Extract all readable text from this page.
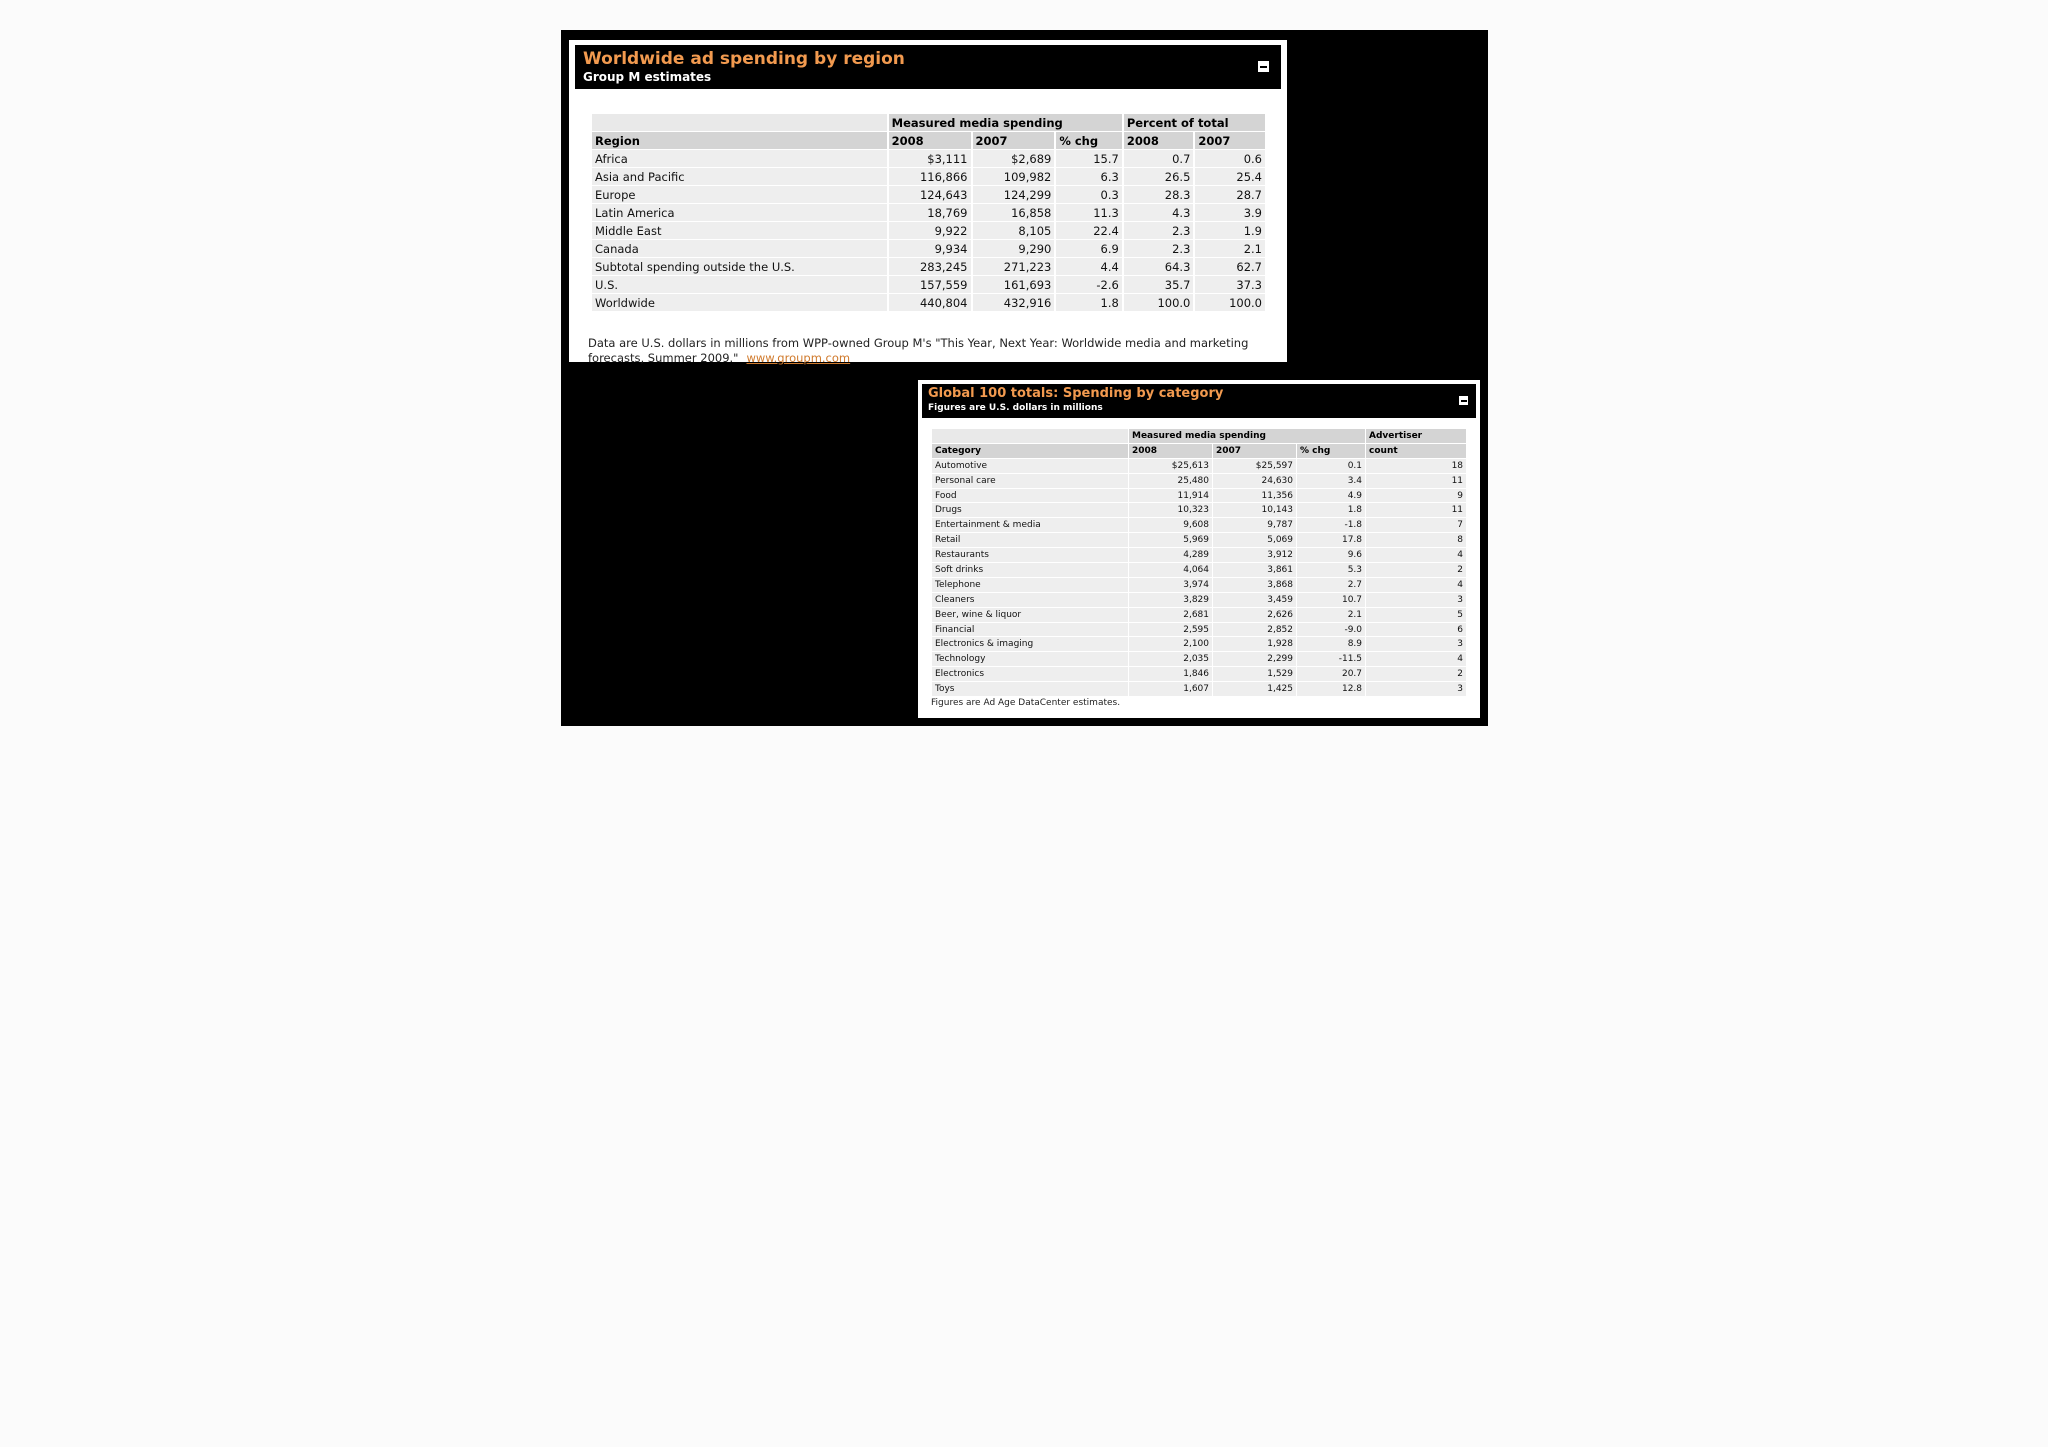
Worldwide ad spending by region
Group M estimates
	Measured media spending			Percent of total	
Region	2008	2007	% chg	2008	2007
Africa	$3,111	$2,689	15.7	0.7	0.6
Asia and Pacific	116,866	109,982	6.3	26.5	25.4
Europe	124,643	124,299	0.3	28.3	28.7
Latin America	18,769	16,858	11.3	4.3	3.9
Middle East	9,922	8,105	22.4	2.3	1.9
Canada	9,934	9,290	6.9	2.3	2.1
Subtotal spending outside the U.S.	283,245	271,223	4.4	64.3	62.7
U.S.	157,559	161,693	-2.6	35.7	37.3
Worldwide	440,804	432,916	1.8	100.0	100.0
Data are U.S. dollars in millions from WPP-owned Group M's "This Year, Next Year: Worldwide media and marketing forecasts, Summer 2009." www.groupm.com
Global 100 totals: Spending by category
Figures are U.S. dollars in millions
	Measured media spending			Advertiser
Category	2008	2007	% chg	count
Automotive	$25,613	$25,597	0.1	18
Personal care	25,480	24,630	3.4	11
Food	11,914	11,356	4.9	9
Drugs	10,323	10,143	1.8	11
Entertainment & media	9,608	9,787	-1.8	7
Retail	5,969	5,069	17.8	8
Restaurants	4,289	3,912	9.6	4
Soft drinks	4,064	3,861	5.3	2
Telephone	3,974	3,868	2.7	4
Cleaners	3,829	3,459	10.7	3
Beer, wine & liquor	2,681	2,626	2.1	5
Financial	2,595	2,852	-9.0	6
Electronics & imaging	2,100	1,928	8.9	3
Technology	2,035	2,299	-11.5	4
Electronics	1,846	1,529	20.7	2
Toys	1,607	1,425	12.8	3
Figures are Ad Age DataCenter estimates.
